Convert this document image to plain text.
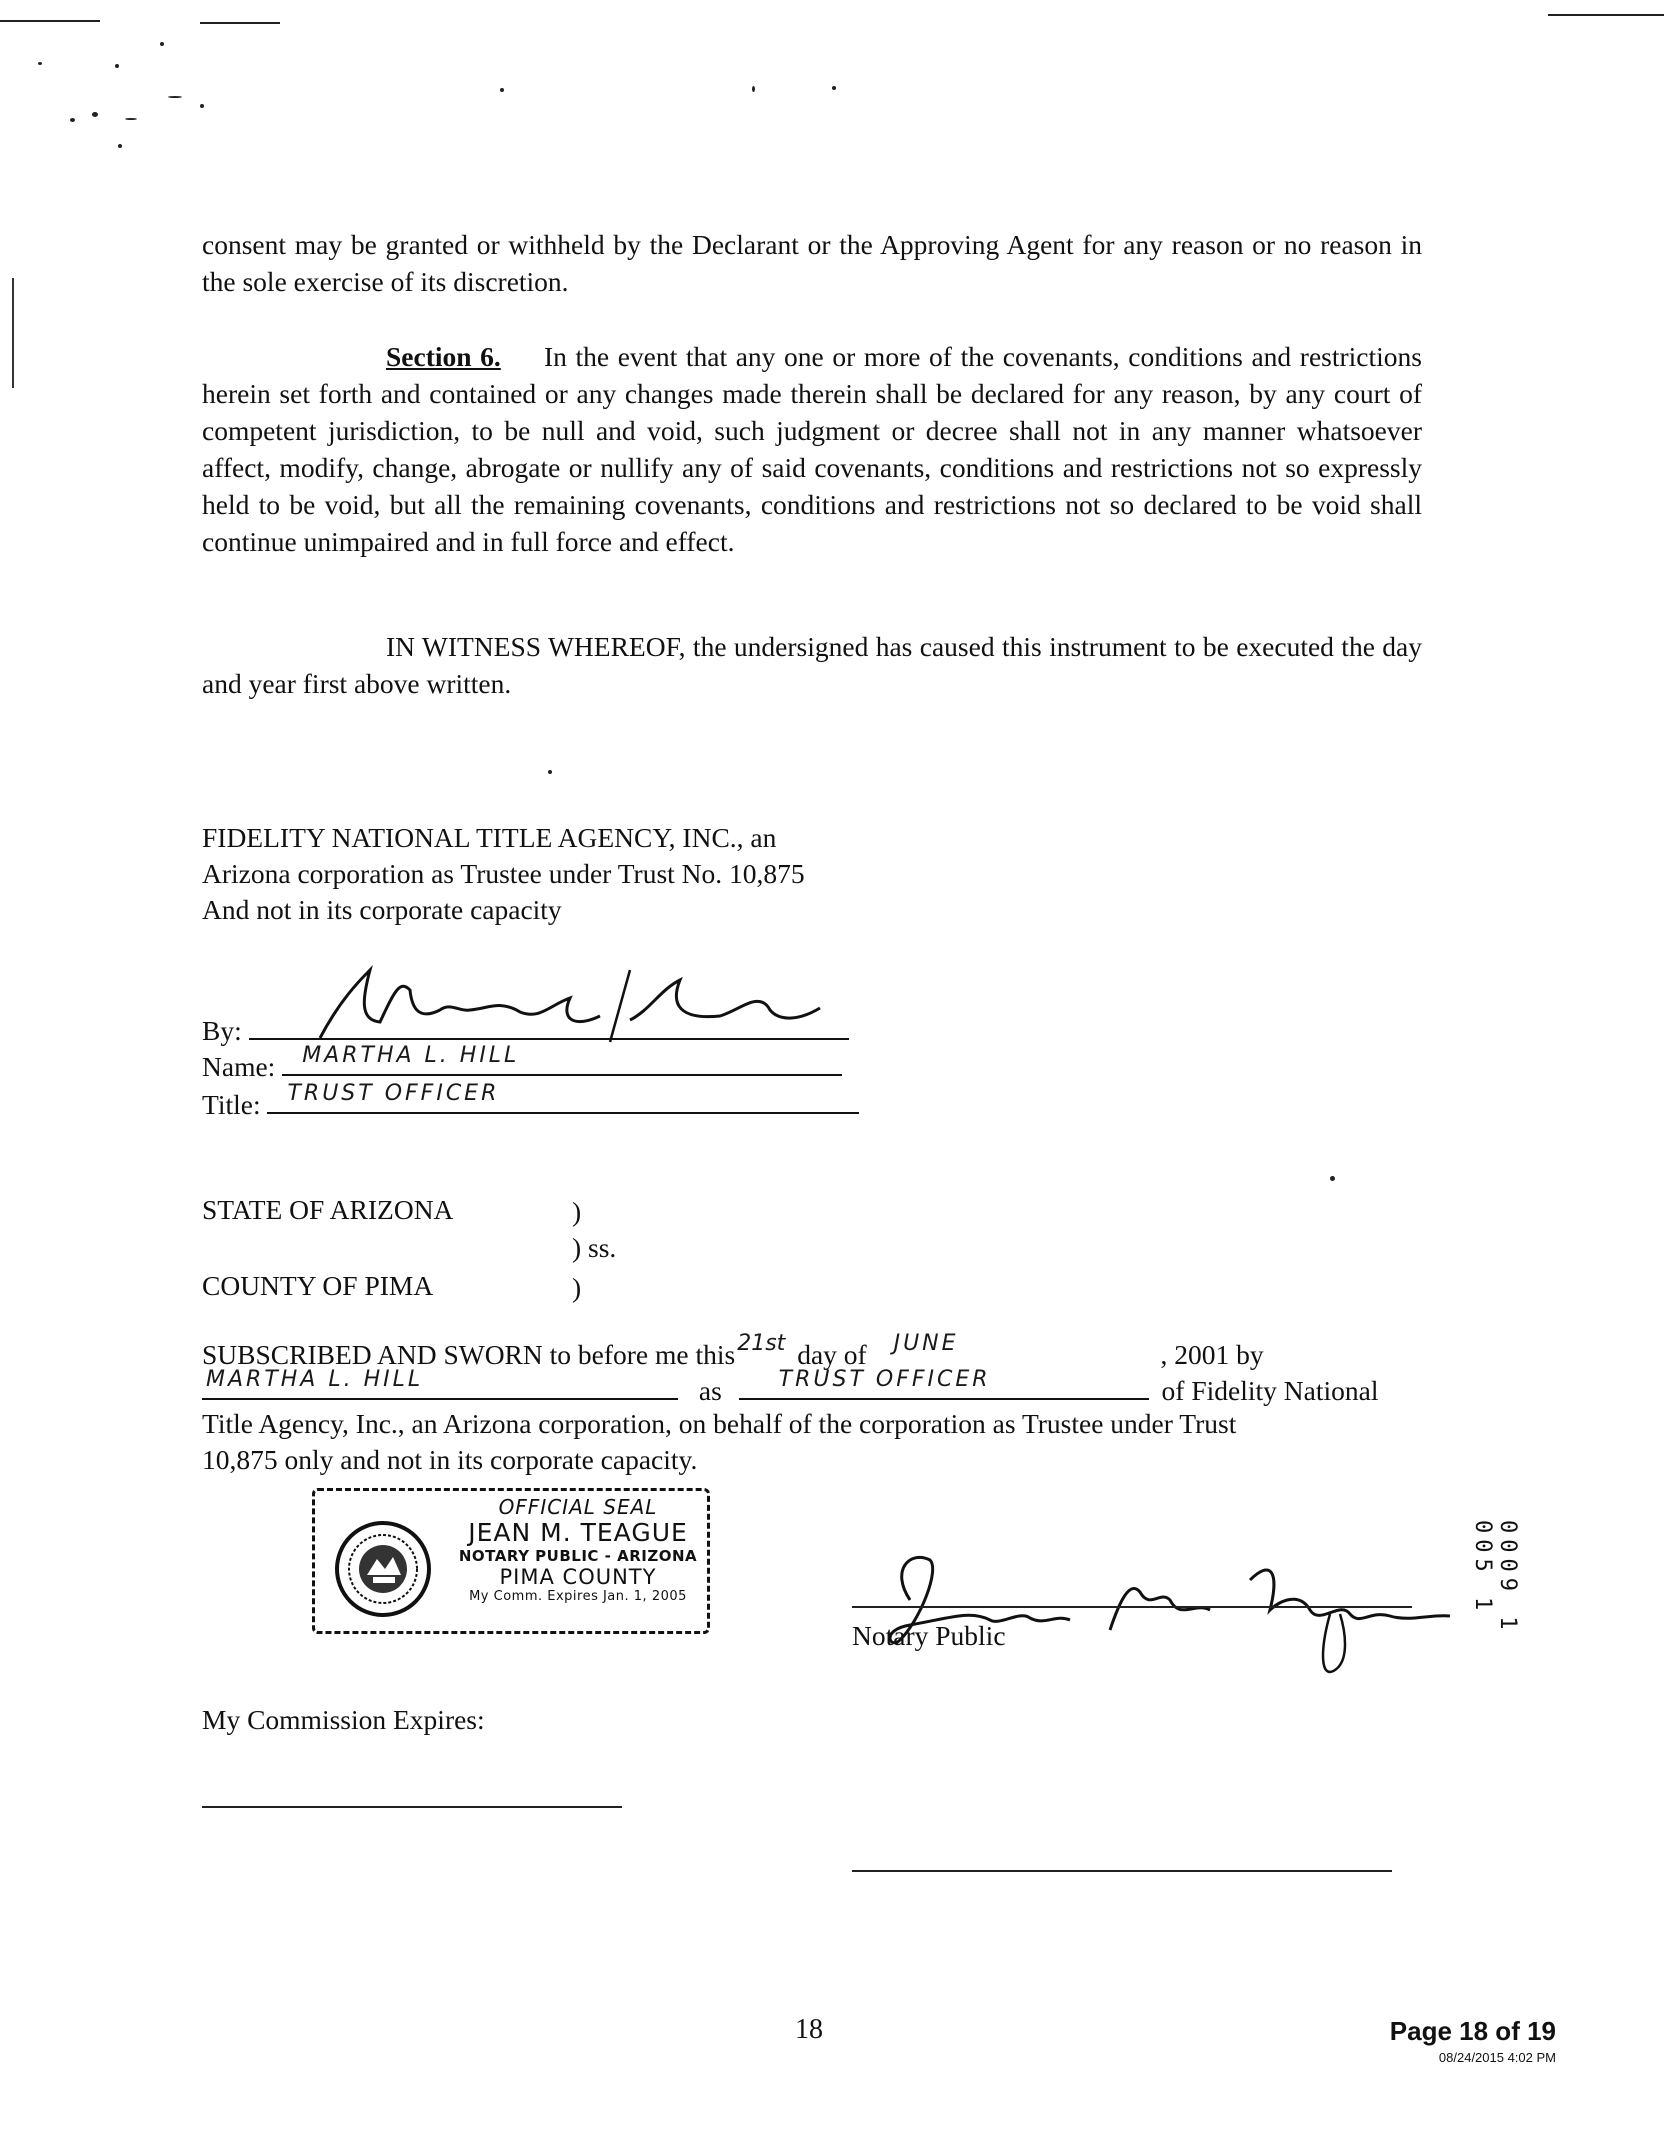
consent may be granted or withheld by the Declarant or the Approving Agent for any reason or no reason in the sole exercise of its discretion.
Section 6. In the event that any one or more of the covenants, conditions and restrictions herein set forth and contained or any changes made therein shall be declared for any reason, by any court of competent jurisdiction, to be null and void, such judgment or decree shall not in any manner whatsoever affect, modify, change, abrogate or nullify any of said covenants, conditions and restrictions not so expressly held to be void, but all the remaining covenants, conditions and restrictions not so declared to be void shall continue unimpaired and in full force and effect.
IN WITNESS WHEREOF, the undersigned has caused this instrument to be executed the day and year first above written.
FIDELITY NATIONAL TITLE AGENCY, INC., an
Arizona corporation as Trustee under Trust No. 10,875
And not in its corporate capacity
By:
Name: MARTHA L. HILL
Title: TRUST OFFICER
STATE OF ARIZONA	)
) ss.
COUNTY OF PIMA	)
SUBSCRIBED AND SWORN to before me this 21st day of JUNE	, 2001 by
MARTHA L. HILL	as	TRUST OFFICER	of Fidelity National
Title Agency, Inc., an Arizona corporation, on behalf of the corporation as Trustee under Trust
10,875 only and not in its corporate capacity.
OFFICIAL SEAL
JEAN M. TEAGUE
NOTARY PUBLIC - ARIZONA
PIMA COUNTY
My Comm. Expires Jan. 1, 2005
Notary Public
My Commission Expires:
0009 1 005 1
18	Page 18 of 19
08/24/2015 4:02 PM
